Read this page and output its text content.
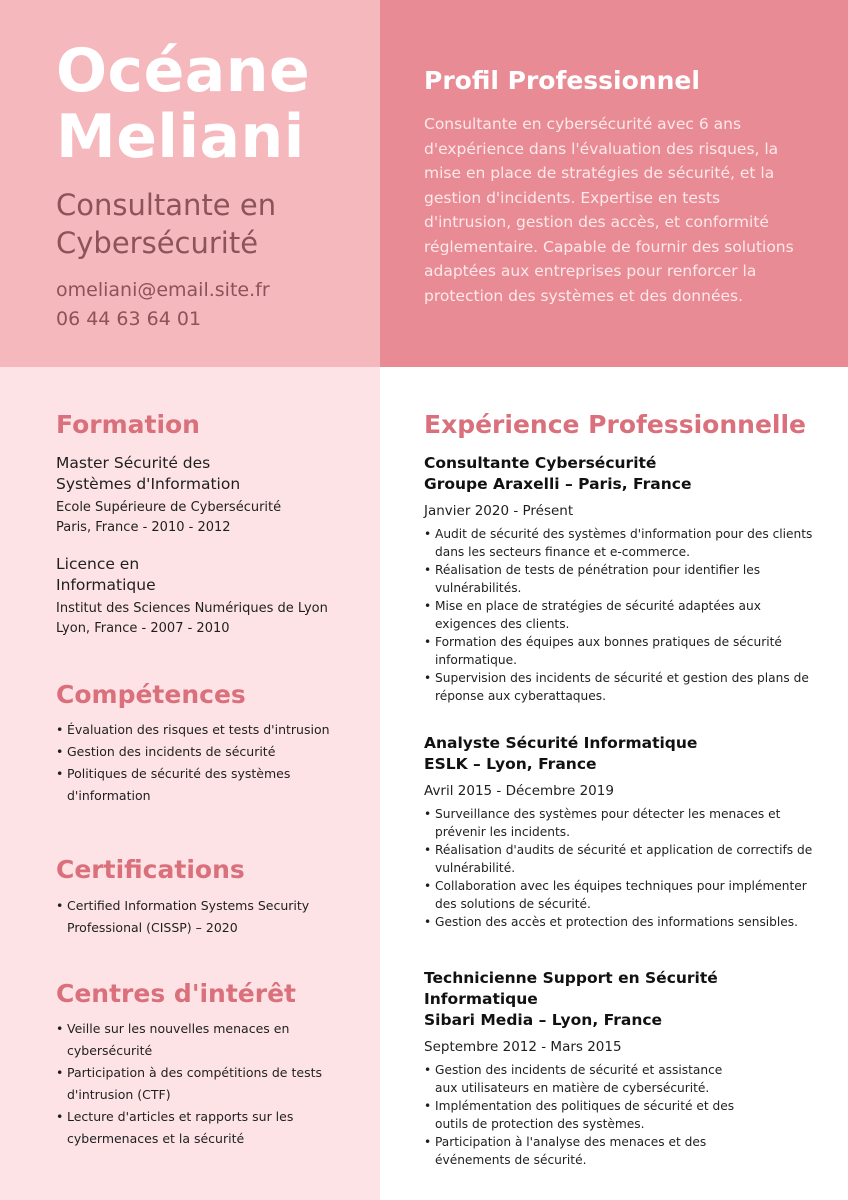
Océane
Meliani
Consultante en
Cybersécurité
omeliani@email.site.fr
06 44 63 64 01
Profil Professionnel
Consultante en cybersécurité avec 6 ans d'expérience dans l'évaluation des risques, la mise en place de stratégies de sécurité, et la gestion d'incidents. Expertise en tests d'intrusion, gestion des accès, et conformité réglementaire. Capable de fournir des solutions adaptées aux entreprises pour renforcer la protection des systèmes et des données.
Formation
Master Sécurité des
Systèmes d'Information
Ecole Supérieure de Cybersécurité
Paris, France - 2010 - 2012
Licence en
Informatique
Institut des Sciences Numériques de Lyon
Lyon, France - 2007 - 2010
Compétences
• Évaluation des risques et tests d'intrusion
• Gestion des incidents de sécurité
• Politiques de sécurité des systèmes d'information
Certifications
• Certified Information Systems Security Professional (CISSP) – 2020
Centres d'intérêt
• Veille sur les nouvelles menaces en cybersécurité
• Participation à des compétitions de tests d'intrusion (CTF)
• Lecture d'articles et rapports sur les cybermenaces et la sécurité
Expérience Professionnelle
Consultante Cybersécurité
Groupe Araxelli – Paris, France
Janvier 2020 - Présent
• Audit de sécurité des systèmes d'information pour des clients dans les secteurs finance et e-commerce.
• Réalisation de tests de pénétration pour identifier les vulnérabilités.
• Mise en place de stratégies de sécurité adaptées aux exigences des clients.
• Formation des équipes aux bonnes pratiques de sécurité informatique.
• Supervision des incidents de sécurité et gestion des plans de réponse aux cyberattaques.
Analyste Sécurité Informatique
ESLK – Lyon, France
Avril 2015 - Décembre 2019
• Surveillance des systèmes pour détecter les menaces et prévenir les incidents.
• Réalisation d'audits de sécurité et application de correctifs de vulnérabilité.
• Collaboration avec les équipes techniques pour implémenter des solutions de sécurité.
• Gestion des accès et protection des informations sensibles.
Technicienne Support en Sécurité Informatique
Sibari Media – Lyon, France
Septembre 2012 - Mars 2015
• Gestion des incidents de sécurité et assistance aux utilisateurs en matière de cybersécurité.
• Implémentation des politiques de sécurité et des outils de protection des systèmes.
• Participation à l'analyse des menaces et des événements de sécurité.
